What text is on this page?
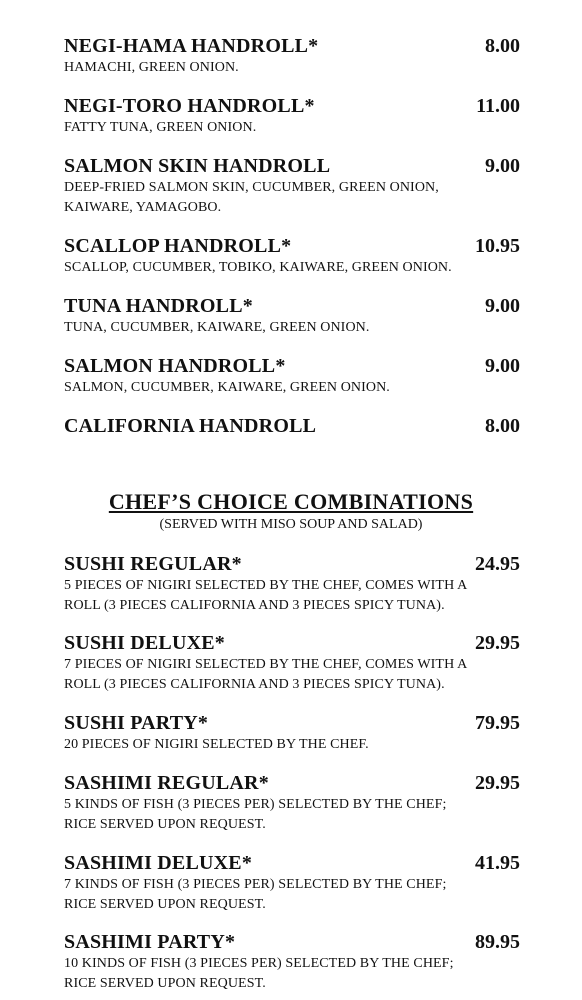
NEGI-HAMA HANDROLL*	8.00
HAMACHI, GREEN ONION.
NEGI-TORO HANDROLL*	11.00
FATTY TUNA, GREEN ONION.
SALMON SKIN HANDROLL	9.00
DEEP-FRIED SALMON SKIN, CUCUMBER, GREEN ONION,
KAIWARE, YAMAGOBO.
SCALLOP HANDROLL*	10.95
SCALLOP, CUCUMBER, TOBIKO, KAIWARE, GREEN ONION.
TUNA HANDROLL*	9.00
TUNA, CUCUMBER, KAIWARE, GREEN ONION.
SALMON HANDROLL*	9.00
SALMON, CUCUMBER, KAIWARE, GREEN ONION.
CALIFORNIA HANDROLL	8.00
CHEF’S CHOICE COMBINATIONS
(SERVED WITH MISO SOUP AND SALAD)
SUSHI REGULAR*	24.95
5 PIECES OF NIGIRI SELECTED BY THE CHEF, COMES WITH A
ROLL (3 PIECES CALIFORNIA AND 3 PIECES SPICY TUNA).
SUSHI DELUXE*	29.95
7 PIECES OF NIGIRI SELECTED BY THE CHEF, COMES WITH A
ROLL (3 PIECES CALIFORNIA AND 3 PIECES SPICY TUNA).
SUSHI PARTY*	79.95
20 PIECES OF NIGIRI SELECTED BY THE CHEF.
SASHIMI REGULAR*	29.95
5 KINDS OF FISH (3 PIECES PER) SELECTED BY THE CHEF;
RICE SERVED UPON REQUEST.
SASHIMI DELUXE*	41.95
7 KINDS OF FISH (3 PIECES PER) SELECTED BY THE CHEF;
RICE SERVED UPON REQUEST.
SASHIMI PARTY*	89.95
10 KINDS OF FISH (3 PIECES PER) SELECTED BY THE CHEF;
RICE SERVED UPON REQUEST.
